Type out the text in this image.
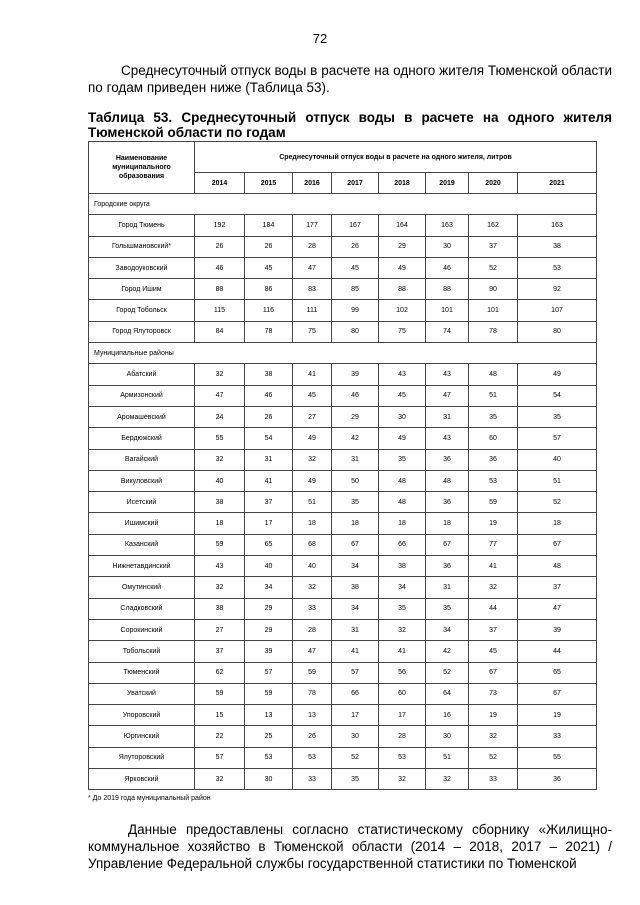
72

Среднесуточный отпуск воды в расчете на одного жителя Тюменской области по годам приведен ниже (Таблица 53).

Таблица 53. Среднесуточный отпуск воды в расчете на одного жителя Тюменской области по годам

Наименование муниципального образования	Среднесуточный отпуск воды в расчете на одного жителя, литров							
	2014	2015	2016	2017	2018	2019	2020	2021
Городские округа								
Город Тюмень	192	184	177	167	164	163	162	163
Голышмановский*	26	26	28	26	29	30	37	38
Заводоуковский	46	45	47	45	49	46	52	53
Город Ишим	88	86	83	85	88	88	90	92
Город Тобольск	115	116	111	99	102	101	101	107
Город Ялуторовск	84	78	75	80	75	74	78	80
Муниципальные районы								
Абатский	32	38	41	39	43	43	48	49
Армизонский	47	46	45	46	45	47	51	54
Аромашевский	24	26	27	29	30	31	35	35
Бердюжский	55	54	49	42	49	43	60	57
Вагайский	32	31	32	31	35	36	36	40
Викуловский	40	41	49	50	48	48	53	51
Исетский	38	37	51	35	48	36	59	52
Ишимский	18	17	18	18	18	18	19	18
Казанский	59	65	68	67	66	67	77	67
Нижнетавдинский	43	40	40	34	38	36	41	48
Омутинский	32	34	32	38	34	31	32	37
Сладковский	38	29	33	34	35	35	44	47
Сорокинский	27	29	28	31	32	34	37	39
Тобольский	37	39	47	41	41	42	45	44
Тюменский	62	57	59	57	56	52	67	65
Уватский	59	59	78	66	60	64	73	67
Упоровский	15	13	13	17	17	16	19	19
Юргинский	22	25	26	30	28	30	32	33
Ялуторовский	57	53	53	52	53	51	52	55
Ярковский	32	30	33	35	32	32	33	36
* До 2019 года муниципальный район

Данные предоставлены согласно статистическому сборнику «Жилищно-коммунальное хозяйство в Тюменской области (2014 – 2018, 2017 – 2021) /Управление Федеральной службы государственной статистики по Тюменской
